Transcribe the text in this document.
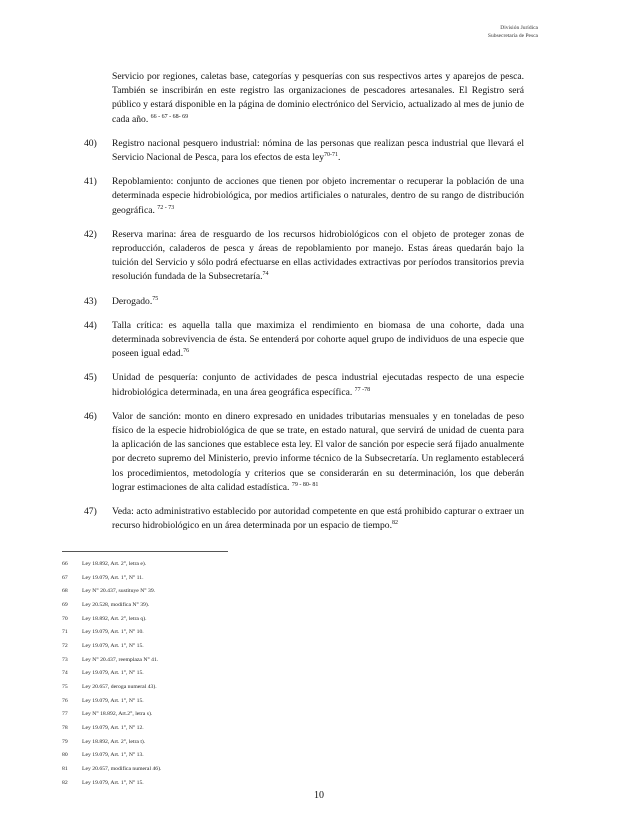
División Jurídica
Subsecretaría de Pesca
Servicio por regiones, caletas base, categorías y pesquerías con sus respectivos artes y aparejos de pesca. También se inscribirán en este registro las organizaciones de pescadores artesanales. El Registro será público y estará disponible en la página de dominio electrónico del Servicio, actualizado al mes de junio de cada año. $^{66 - 67 - 68- 69}$
40) Registro nacional pesquero industrial: nómina de las personas que realizan pesca industrial que llevará el Servicio Nacional de Pesca, para los efectos de esta ley$^{70-71}$.
41) Repoblamiento: conjunto de acciones que tienen por objeto incrementar o recuperar la población de una determinada especie hidrobiológica, por medios artificiales o naturales, dentro de su rango de distribución geográfica. $^{72 - 73}$
42) Reserva marina: área de resguardo de los recursos hidrobiológicos con el objeto de proteger zonas de reproducción, caladeros de pesca y áreas de repoblamiento por manejo. Estas áreas quedarán bajo la tuición del Servicio y sólo podrá efectuarse en ellas actividades extractivas por períodos transitorios previa resolución fundada de la Subsecretaría.$^{74}$
43) Derogado.$^{75}$
44) Talla crítica: es aquella talla que maximiza el rendimiento en biomasa de una cohorte, dada una determinada sobrevivencia de ésta. Se entenderá por cohorte aquel grupo de individuos de una especie que poseen igual edad.$^{76}$
45) Unidad de pesquería: conjunto de actividades de pesca industrial ejecutadas respecto de una especie hidrobiológica determinada, en una área geográfica específica. $^{77 -78}$
46) Valor de sanción: monto en dinero expresado en unidades tributarias mensuales y en toneladas de peso físico de la especie hidrobiológica de que se trate, en estado natural, que servirá de unidad de cuenta para la aplicación de las sanciones que establece esta ley. El valor de sanción por especie será fijado anualmente por decreto supremo del Ministerio, previo informe técnico de la Subsecretaría. Un reglamento establecerá los procedimientos, metodología y criterios que se considerarán en su determinación, los que deberán lograr estimaciones de alta calidad estadística. $^{79 - 80- 81}$
47) Veda: acto administrativo establecido por autoridad competente en que está prohibido capturar o extraer un recurso hidrobiológico en un área determinada por un espacio de tiempo.$^{82}$
66	Ley 18.892, Art. 2°, letra e).
67	Ley 19.079, Art. 1°, N° 11.
68	Ley N° 20.437, sustituye N° 39.
69	Ley 20.528, modifica N° 39).
70	Ley 18.892, Art. 2°, letra q).
71	Ley 19.079, Art. 1°, N° 10.
72	Ley 19.079, Art. 1°, N° 15.
73	Ley N° 20.437, reemplaza N° 41.
74	Ley 19.079, Art. 1°, N° 15.
75	Ley 20.657, deroga numeral 43).
76	Ley 19.079, Art. 1°, N° 15.
77	Ley N° 18.892, Art.2°, letra s).
78	Ley 19.079, Art. 1°, N° 12.
79	Ley 18.892, Art. 2°, letra t).
80	Ley 19.079, Art. 1°, N° 13.
81	Ley 20.657, modifica numeral 46).
82	Ley 19.079, Art. 1°, N° 15.
10
